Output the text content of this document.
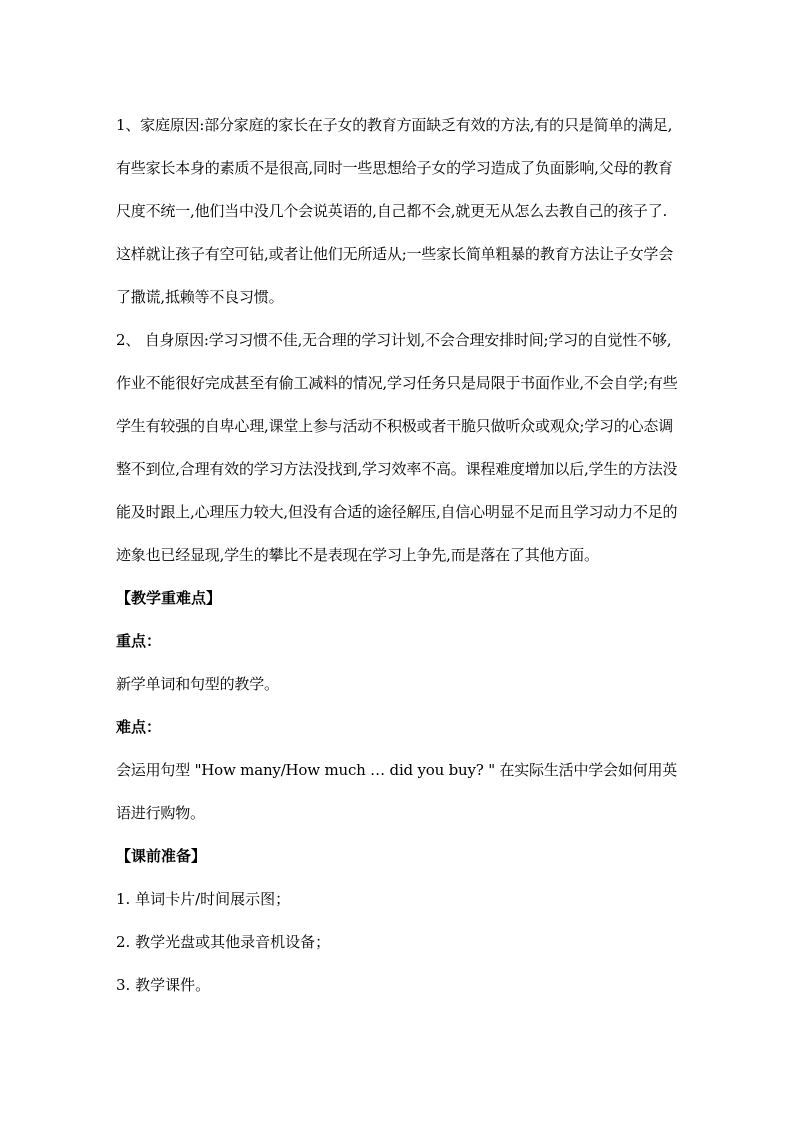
1、家庭原因:部分家庭的家长在子女的教育方面缺乏有效的方法,有的只是简单的满足,有些家长本身的素质不是很高,同时一些思想给子女的学习造成了负面影响,父母的教育尺度不统一,他们当中没几个会说英语的,自己都不会,就更无从怎么去教自己的孩子了.这样就让孩子有空可钻,或者让他们无所适从;一些家长简单粗暴的教育方法让子女学会了撒谎,抵赖等不良习惯。

2、 自身原因:学习习惯不佳,无合理的学习计划,不会合理安排时间;学习的自觉性不够,作业不能很好完成甚至有偷工减料的情况,学习任务只是局限于书面作业,不会自学;有些学生有较强的自卑心理,课堂上参与活动不积极或者干脆只做听众或观众;学习的心态调整不到位,合理有效的学习方法没找到,学习效率不高。课程难度增加以后,学生的方法没能及时跟上,心理压力较大,但没有合适的途径解压,自信心明显不足而且学习动力不足的迹象也已经显现,学生的攀比不是表现在学习上争先,而是落在了其他方面。

【教学重难点】

重点：

新学单词和句型的教学。

难点：

会运用句型 "How many/How much … did you buy? " 在实际生活中学会如何用英语进行购物。

【课前准备】

1. 单词卡片/时间展示图；

2. 教学光盘或其他录音机设备；

3. 教学课件。
